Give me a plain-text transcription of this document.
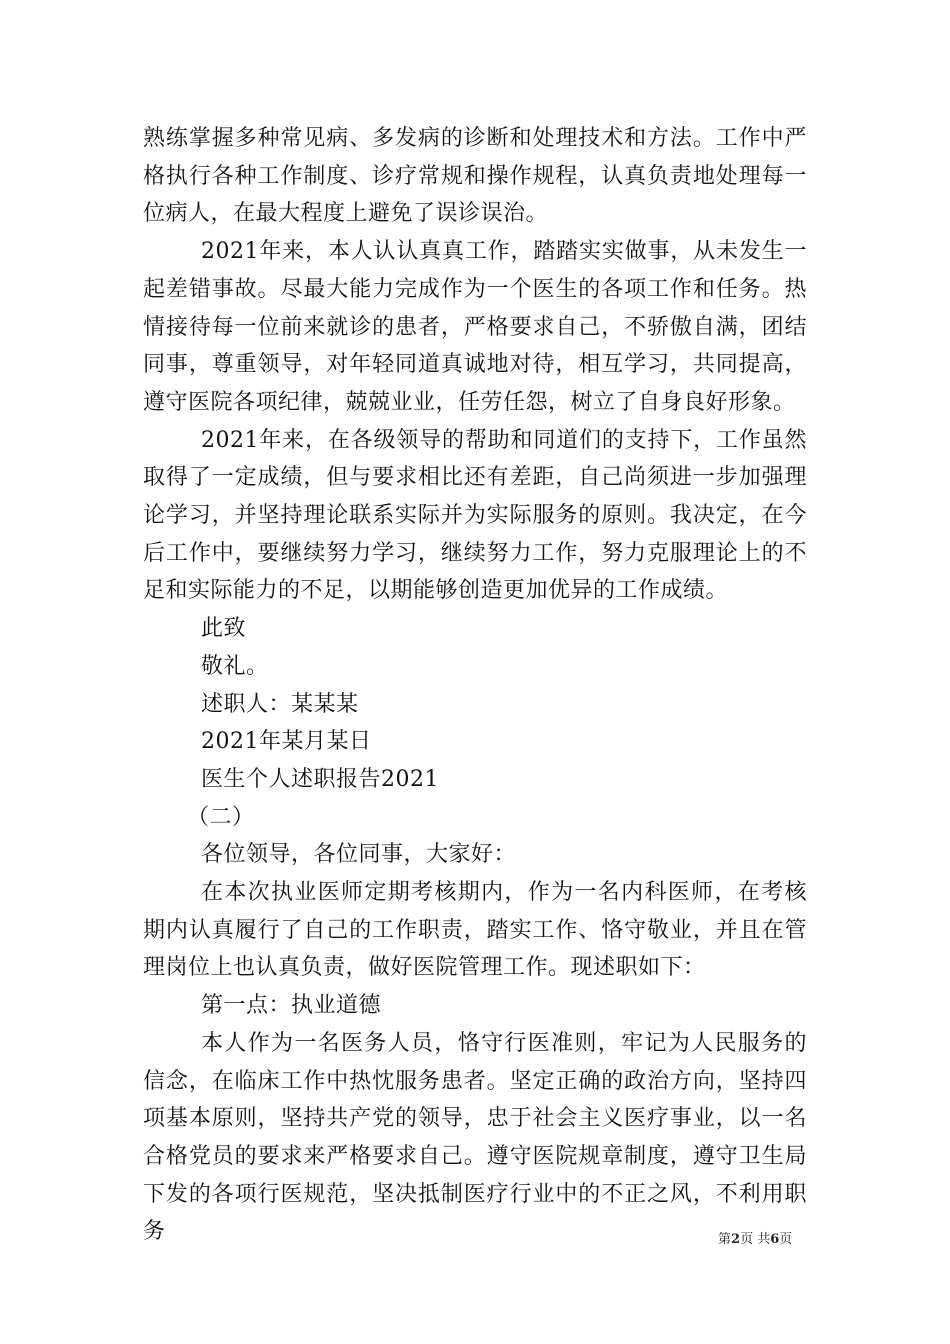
熟练掌握多种常见病、多发病的诊断和处理技术和方法。工作中严格执行各种工作制度、诊疗常规和操作规程，认真负责地处理每一位病人，在最大程度上避免了误诊误治。

2021年来，本人认认真真工作，踏踏实实做事，从未发生一起差错事故。尽最大能力完成作为一个医生的各项工作和任务。热情接待每一位前来就诊的患者，严格要求自己，不骄傲自满，团结同事，尊重领导，对年轻同道真诚地对待，相互学习，共同提高，遵守医院各项纪律，兢兢业业，任劳任怨，树立了自身良好形象。

2021年来，在各级领导的帮助和同道们的支持下，工作虽然取得了一定成绩，但与要求相比还有差距，自己尚须进一步加强理论学习，并坚持理论联系实际并为实际服务的原则。我决定，在今后工作中，要继续努力学习，继续努力工作，努力克服理论上的不足和实际能力的不足，以期能够创造更加优异的工作成绩。

此致

敬礼。

述职人：某某某

2021年某月某日

医生个人述职报告2021

（二）

各位领导，各位同事，大家好：

在本次执业医师定期考核期内，作为一名内科医师，在考核期内认真履行了自己的工作职责，踏实工作、恪守敬业，并且在管理岗位上也认真负责，做好医院管理工作。现述职如下：

第一点：执业道德

本人作为一名医务人员，恪守行医准则，牢记为人民服务的信念，在临床工作中热忱服务患者。坚定正确的政治方向，坚持四项基本原则，坚持共产党的领导，忠于社会主义医疗事业，以一名合格党员的要求来严格要求自己。遵守医院规章制度，遵守卫生局下发的各项行医规范，坚决抵制医疗行业中的不正之风，不利用职务	第2页 共6页
